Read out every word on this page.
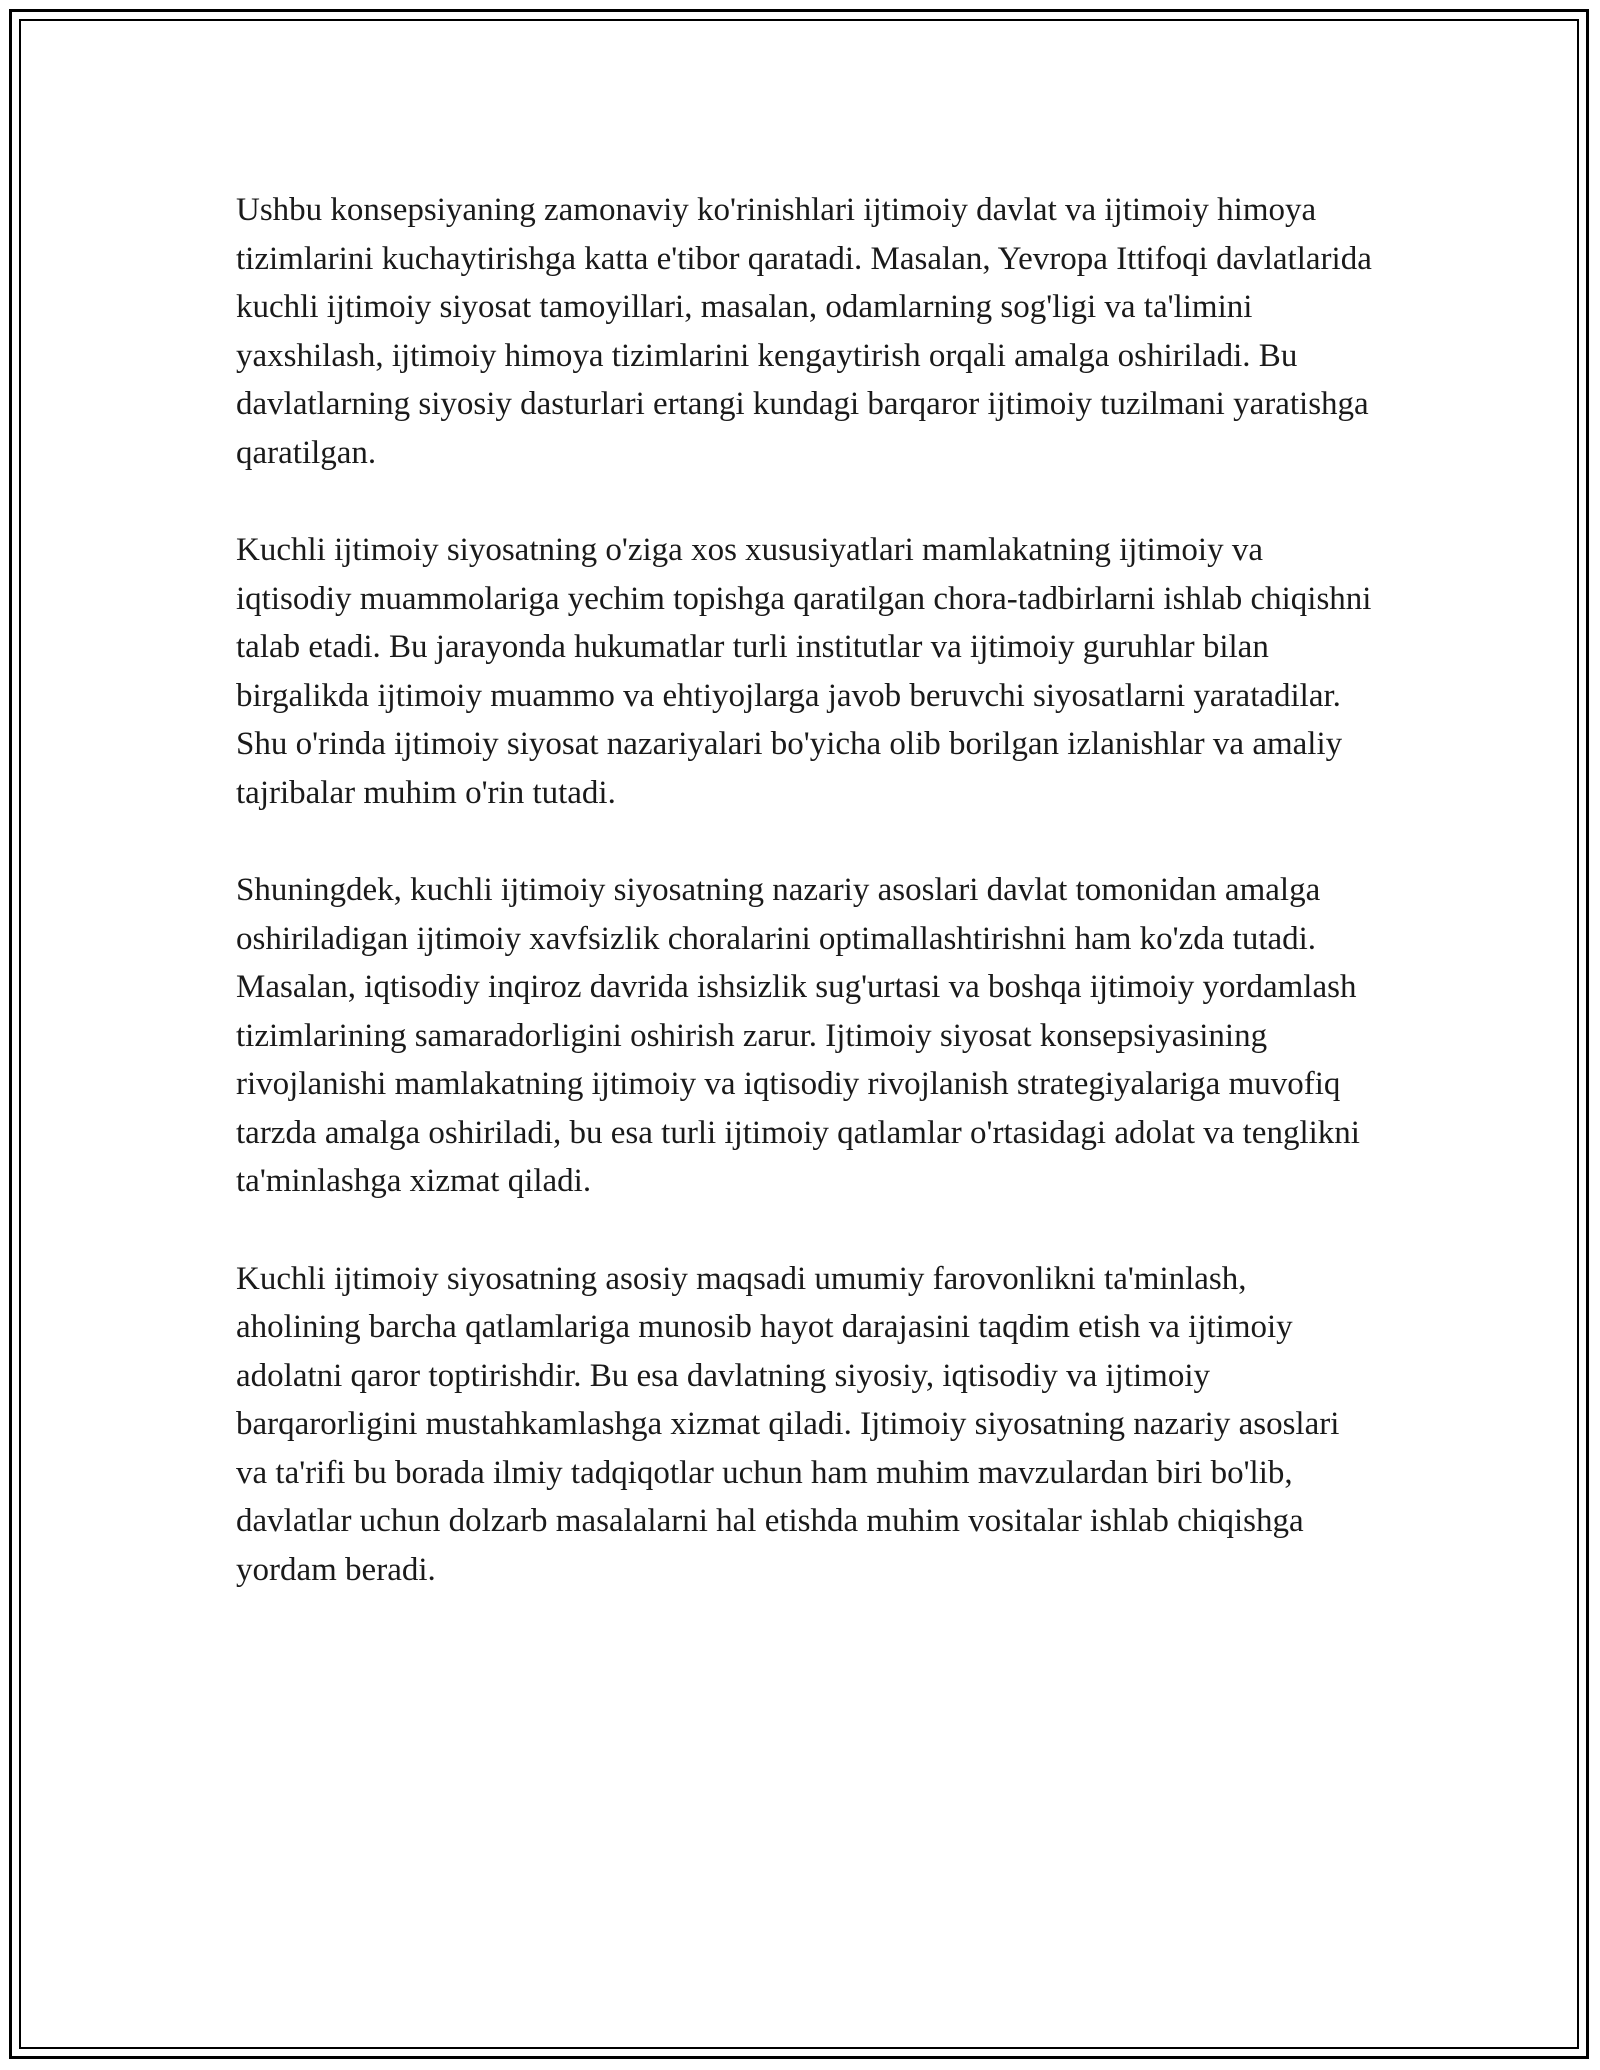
Ushbu konsepsiyaning zamonaviy ko'rinishlari ijtimoiy davlat va ijtimoiy himoya tizimlarini kuchaytirishga katta e'tibor qaratadi. Masalan, Yevropa Ittifoqi davlatlarida kuchli ijtimoiy siyosat tamoyillari, masalan, odamlarning sog'ligi va ta'limini yaxshilash, ijtimoiy himoya tizimlarini kengaytirish orqali amalga oshiriladi. Bu davlatlarning siyosiy dasturlari ertangi kundagi barqaror ijtimoiy tuzilmani yaratishga qaratilgan.

Kuchli ijtimoiy siyosatning o'ziga xos xususiyatlari mamlakatning ijtimoiy va iqtisodiy muammolariga yechim topishga qaratilgan chora-tadbirlarni ishlab chiqishni talab etadi. Bu jarayonda hukumatlar turli institutlar va ijtimoiy guruhlar bilan birgalikda ijtimoiy muammo va ehtiyojlarga javob beruvchi siyosatlarni yaratadilar. Shu o'rinda ijtimoiy siyosat nazariyalari bo'yicha olib borilgan izlanishlar va amaliy tajribalar muhim o'rin tutadi.

Shuningdek, kuchli ijtimoiy siyosatning nazariy asoslari davlat tomonidan amalga oshiriladigan ijtimoiy xavfsizlik choralarini optimallashtirishni ham ko'zda tutadi. Masalan, iqtisodiy inqiroz davrida ishsizlik sug'urtasi va boshqa ijtimoiy yordamlash tizimlarining samaradorligini oshirish zarur. Ijtimoiy siyosat konsepsiyasining rivojlanishi mamlakatning ijtimoiy va iqtisodiy rivojlanish strategiyalariga muvofiq tarzda amalga oshiriladi, bu esa turli ijtimoiy qatlamlar o'rtasidagi adolat va tenglikni ta'minlashga xizmat qiladi.

Kuchli ijtimoiy siyosatning asosiy maqsadi umumiy farovonlikni ta'minlash, aholining barcha qatlamlariga munosib hayot darajasini taqdim etish va ijtimoiy adolatni qaror toptirishdir. Bu esa davlatning siyosiy, iqtisodiy va ijtimoiy barqarorligini mustahkamlashga xizmat qiladi. Ijtimoiy siyosatning nazariy asoslari va ta'rifi bu borada ilmiy tadqiqotlar uchun ham muhim mavzulardan biri bo'lib, davlatlar uchun dolzarb masalalarni hal etishda muhim vositalar ishlab chiqishga yordam beradi.
